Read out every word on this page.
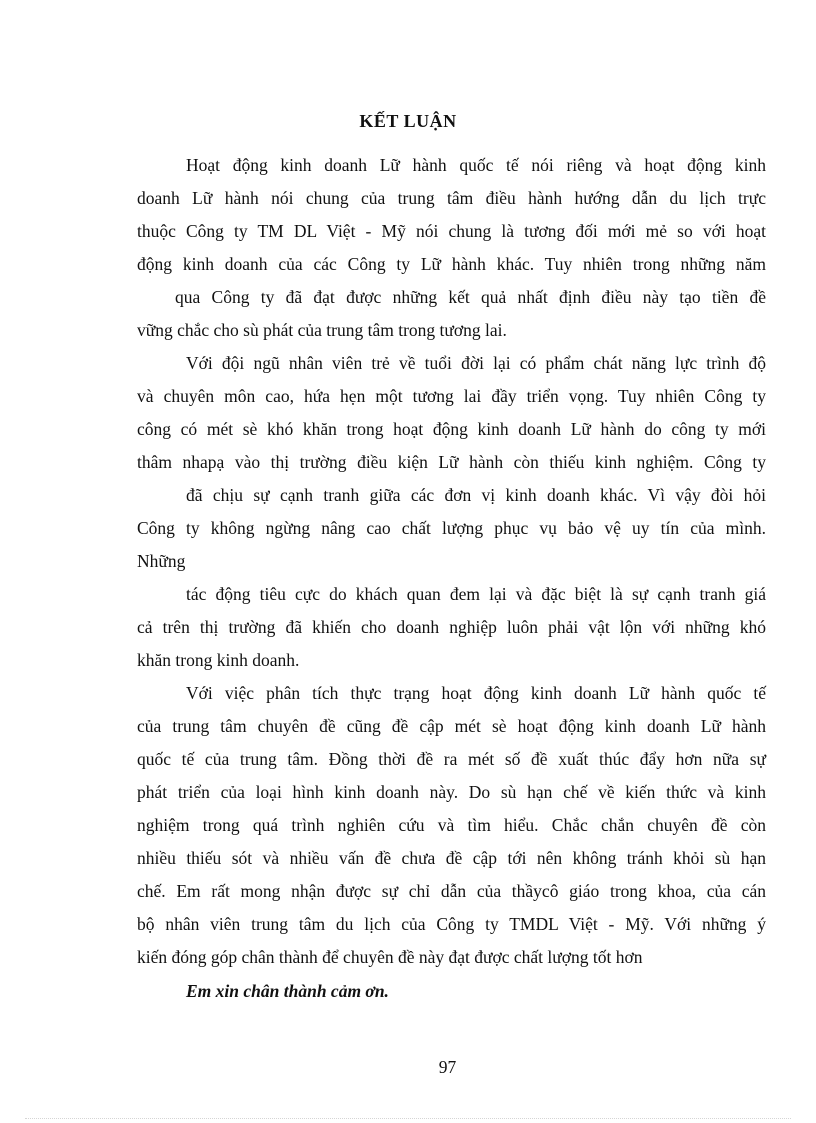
KẾT LUẬN

Hoạt động kinh doanh Lữ hành quốc tế nói riêng và hoạt động kinh

doanh Lữ hành nói chung của trung tâm điều hành hướng dẫn du lịch trực

thuộc Công ty TM DL Việt - Mỹ nói chung là tương đối mới mẻ so với hoạt

động kinh doanh của các Công ty Lữ hành khác. Tuy nhiên trong những năm

qua Công ty đã đạt được những kết quả nhất định điều này tạo tiền đề

vững chắc cho sù phát của trung tâm trong tương lai.

Với đội ngũ nhân viên trẻ về tuổi đời lại có phẩm chát năng lực trình độ

và chuyên môn cao, hứa hẹn một tương lai đầy triển vọng. Tuy nhiên Công ty

công có mét sè khó khăn trong hoạt động kinh doanh Lữ hành do công ty mới

thâm nhapạ vào thị trường điều kiện Lữ hành còn thiếu kinh nghiệm. Công ty

đã chịu sự cạnh tranh giữa các đơn vị kinh doanh khác. Vì vậy đòi hỏi

Công ty không ngừng nâng cao chất lượng phục vụ bảo vệ uy tín của mình.

Những

tác động tiêu cực do khách quan đem lại và đặc biệt là sự cạnh tranh giá

cả trên thị trường đã khiến cho doanh nghiệp luôn phải vật lộn với những khó

khăn trong kinh doanh.

Với việc phân tích thực trạng hoạt động kinh doanh Lữ hành quốc tế

của trung tâm chuyên đề cũng đề cập mét sè hoạt động kinh doanh Lữ hành

quốc tế của trung tâm. Đồng thời đề ra mét số đề xuất thúc đẩy hơn nữa sự

phát triển của loại hình kinh doanh này. Do sù hạn chế về kiến thức và kinh

nghiệm trong quá trình nghiên cứu và tìm hiểu. Chắc chắn chuyên đề còn

nhiều thiếu sót và nhiều vấn đề chưa đề cập tới nên không tránh khỏi sù hạn

chế. Em rất mong nhận được sự chỉ dẫn của thầycô giáo trong khoa, của cán

bộ nhân viên trung tâm du lịch của Công ty TMDL Việt - Mỹ. Với những ý

kiến đóng góp chân thành để chuyên đề này đạt được chất lượng tốt hơn

Em xin chân thành cảm ơn.

97
